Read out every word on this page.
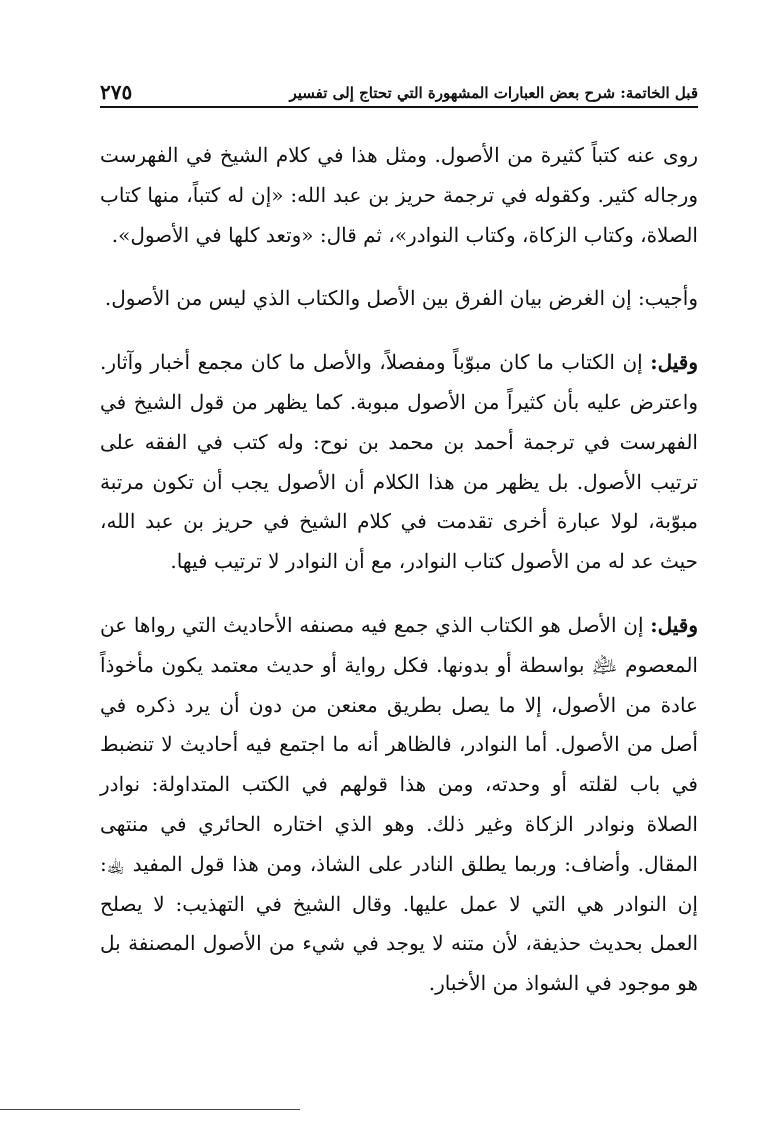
قبل الخاتمة: شرح بعض العبارات المشهورة التي تحتاج إلى تفسير
٢٧٥

روى عنه كتباً كثيرة من الأصول. ومثل هذا في كلام الشيخ في الفهرست ورجاله كثير. وكقوله في ترجمة حريز بن عبد الله: «إن له كتباً، منها كتاب الصلاة، وكتاب الزكاة، وكتاب النوادر»، ثم قال: «وتعد كلها في الأصول».

وأجيب: إن الغرض بيان الفرق بين الأصل والكتاب الذي ليس من الأصول.

وقيل: إن الكتاب ما كان مبوّباً ومفصلاً، والأصل ما كان مجمع أخبار وآثار. واعترض عليه بأن كثيراً من الأصول مبوبة. كما يظهر من قول الشيخ في الفهرست في ترجمة أحمد بن محمد بن نوح: وله كتب في الفقه على ترتيب الأصول. بل يظهر من هذا الكلام أن الأصول يجب أن تكون مرتبة مبوّبة، لولا عبارة أخرى تقدمت في كلام الشيخ في حريز بن عبد الله، حيث عد له من الأصول كتاب النوادر، مع أن النوادر لا ترتيب فيها.

وقيل: إن الأصل هو الكتاب الذي جمع فيه مصنفه الأحاديث التي رواها عن المعصوم ﵇ بواسطة أو بدونها. فكل رواية أو حديث معتمد يكون مأخوذاً عادة من الأصول، إلا ما يصل بطريق معنعن من دون أن يرد ذكره في أصل من الأصول. أما النوادر، فالظاهر أنه ما اجتمع فيه أحاديث لا تنضبط في باب لقلته أو وحدته، ومن هذا قولهم في الكتب المتداولة: نوادر الصلاة ونوادر الزكاة وغير ذلك. وهو الذي اختاره الحائري في منتهى المقال. وأضاف: وربما يطلق النادر على الشاذ، ومن هذا قول المفيد ﵀: إن النوادر هي التي لا عمل عليها. وقال الشيخ في التهذيب: لا يصلح العمل بحديث حذيفة، لأن متنه لا يوجد في شيء من الأصول المصنفة بل هو موجود في الشواذ من الأخبار.
